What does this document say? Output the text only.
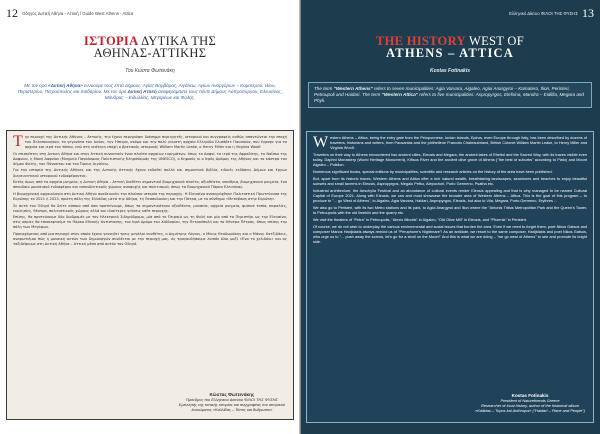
12 Οδηγός Δυτική Αθήνα - Αττική / Guide West Athens - Attica
ΙΣΤΟΡΙΑ ΔΥΤΙΚΑ ΤΗΣ
ΑΘΗΝΑΣ-ΑΤΤΙΚΗΣ
Του Κώστα Φωτεινάκη
Με τον όρο «Δυτική Αθήνα» εννοούμε τους επτά Δήμους: Αγίας Βαρβάρας, Αιγάλεω, Αγίων Αναργύρων – Καματερού, Ιλίου, Περιστερίου, Πετρούπολης και Χαϊδαρίου. Με τον όρο Δυτική Αττική αναφερόμαστε τους πέντε Δήμους Ασπροπύργου, Ελευσίνας, Μάνδρας – Ειδυλλίας, Μεγαρέων και Φυλής.

Την περιοχή της Δυτικής Αθήνας – Αττικής, την έχουν περιγράψει διάσημοι περιηγητές, ιστορικοί και συγγραφείς καθώς απαντώνται την εποχή του Πελοποννήσου, τα γεγονότα του Ιονίου, την Ήπειρο, ακόμα και την πολύ γνωστή αρχαία Ελληνίδα Ελισάβετ Παυσανία, που έγραψε για τα αρχαία και ιερά του τόπου, ενώ στη νεότερη εποχή ο βρετανός ιστορικός William Martin Leake, ο Henry Miller και η Virginia Woolf.

Οι επισκέπτες στη Δυτική Αθήνα και στην Αττική συναντούν έναν πλούτο αρχαίων ευρημάτων, όπως το Δαφνί, το ιερό της Αφροδίτης, το Ναΐσκο της Δαφνίου, η Μονή Δαφνίου (Μνημείο Παγκόσμιας Πολιτιστικής Κληρονομιάς της UNESCO), ο Κηφισός κι ο Ιερός Δρόμος της Αθήνας και τα κάστρα του δήμου Φυλής, του Πάνακτου και του Όρους Αιγάλεω.

Για την ιστορία της Δυτικής Αθήνας και της Δυτικής Αττικής έχουν εκδοθεί πολλά και σημαντικά βιβλία, ειδικές εκδόσεις Δήμων και έργων διερευνητικού ιστορικού ενδιαφέροντος.

Εκτός όμως από τα αρχαία μνημεία, η Δυτική Αθήνα – Αττική διαθέτει σημαντικό βιομηχανικό πλούτο, αξιοθέατα, υπαίθρια, βιομηχανικά μνημεία, ένα σπουδαίο μουσειακό ενδιαφέρον και εκπαιδευτικούς χώρους αναψυχής και πολιτισμού, όπως τα Βιομηχανικά Πάρκα Ελευσίνας.

Η βιομηχανική αρχαιολογία στη Δυτική Αθήνα αναδεικνύει την πλούσια ιστορία της περιοχής. Η Ελευσίνα ανακηρύχθηκε Πολιτιστική Πρωτεύουσα της Ευρώπης το 2021 ή 2023, πρώτη πόλη της Ελλάδας μετά την Αθήνα, τη Θεσσαλονίκη και την Πάτρα, με το σύνθημα «Μετάβαση στην Ευρώπη».

Σε αυτό τον Οδηγό θα δείτε κάποια από όσα προτείνουμε, όπως τα σημαντικότερα αξιοθέατα, μουσεία, αρχαία μνημεία, φυσικά τοπία, παραλίες, εκκλησίες, θέατρα, πολιτιστικούς χώρους αλλά και ιδιαίτερες γεύσεις κάθε περιοχής.

Επίσης, θα προτείνουμε δύο διαδρομές με τον Ηλεκτρικό Σιδηρόδρομο, μία από το Πειραιά ως τη Φυλή και μία από το Περιστέρι ως την Ελευσίνα, στις οποίες θα επισκεφτούμε το Πάρκο Εθνικής Αντίστασης, τον Ιερό Δρόμο του Χαϊδαρίου, την Πετρούπολη και το Θέατρο Πέτρας, όπως επίσης την πόλη των Μεγάρων.

Προερχόμενος από μια περιοχή στην οποία έχουν γεννηθεί τρεις μεγάλοι συνθέτες, ο Δημήτρης Λάγιος, ο Μίκης Θεοδωράκης και ο Μάνος Χατζιδάκις, αναρωτιέμαι πώς η μουσική αυτών των δημιουργών συνδέεται με την περιοχή μας. Ας τραγουδήσουμε λοιπόν όλοι μαζί «Ένα το χελιδόνι» και ας ταξιδέψουμε στη Δυτική Αθήνα – Αττική μέσα από αυτόν τον Οδηγό.

Κώστας Φωτεινάκης
Πρόεδρος του Ελληνικού Δικτύου ΦΙΛΟΙ ΤΗΣ ΦΥΣΗΣ
Ερευνητής της τοπικής ιστορίας και συγγραφέας του ιστορικού
λευκώματος «Καλλίδας – Τόπος και Άνθρωποι»
Ελληνικό Δίκτυο ΦΙΛΟΙ ΤΗΣ ΦΥΣΗΣ 13
THE HISTORY WEST OF
ATHENS – ATTICA
Kostas Fotinakis
The term "Western Athens" refers to seven municipalities: Agia Varvara, Aigaleo, Agioi Anargyroi – Kamatero, Ilion, Peristeri, Petroupoli and Haidari. The term "Western Attica" refers to five municipalities: Aspropyrgos, Elefsina, Mandra – Eidillia, Megara and Phyli.

Western Athens – Attica, being the entry gate from the Peloponnese, Ionian Islands, Epirus, even Europe through Italy, has been described by dozens of travelers, historians and writers, from Pausanias and the philhellene Francois Chateaubriand, British Colonel William Martin Leake, to Henry Miller and Virginia Woolf.

Travelers on their way to Athens encountered two ancient cities, Eleusis and Megara, the ancient lakes of Rheitoi and the Sacred Way, with its traces visible even today, Daphni Monastery (World Heritage Monument), Kifisos River and the ancient olive grove of Athens ("the best of suburbs" according to Plato) and Mount Aigaleo – Poikilon.

Numerous significant books, special editions by municipalities, scientific and research articles on the history of the area have been published.

But, apart from its historic traces, Western Athens and Attica offer a rich natural wealth, breathtaking landscapes, seashores and beaches to enjoy beautiful sunsets and small taverns in Eleusis, Aspropyrgos, Megalo Pefko, Alepochori, Porto Germeno, Psatha etc.

Industrial architecture, the Aeschylia Festival and an abundance of cultural events render Eleusis appealing and that is why managed to be named Cultural Capital of Europe 2021. Along with Eleusis, we can and must showcase the broader area of Western Athens – Attica. This is the goal of this program – to produce to "... go West of Athens", to Aigaleo, Agia Varvara, Haidari, Aspropyrgos, Eleusis, but also to Vila, Megara, Porto Germeno, Erythres ...

We also go to Peristeri, with its two Metro stations and its park, to Agioi Anargyroi and Ilion where the "Antonis Tritsis Metropolitan Park and the Queen's Tower, to Petroupolis with the old limekiln and the quarry etc.

We visit the theaters of "Petra" in Petroupolis, "Alexis Minotis" in Aigaleo, "Old Olive Mill" in Eleusis, and "Phoenix" in Peristeri.

Of course, we do not wish to underplay the various environmental and social issues that burden the area. Even if we need to forget them, poet Nikos Gatsos and composer Manos Hadjidakis always remind us of "Peruphone's Nightmare"! As an antidote, we resort to the same composer, Hadjidakis and poet Nikos Gatsos, who urge us to "... push away the sorrow, let's go for a stroll on the Moon!" And this is what we are doing – "we go west of Athens" to see and promote its bright side.

Kostas Fotinakis
President of Naturefriends Greece
Researcher of local history, author of the historical album
«Kallidas – Topos kai Anthropoi» ("Haidari – Place and People")
